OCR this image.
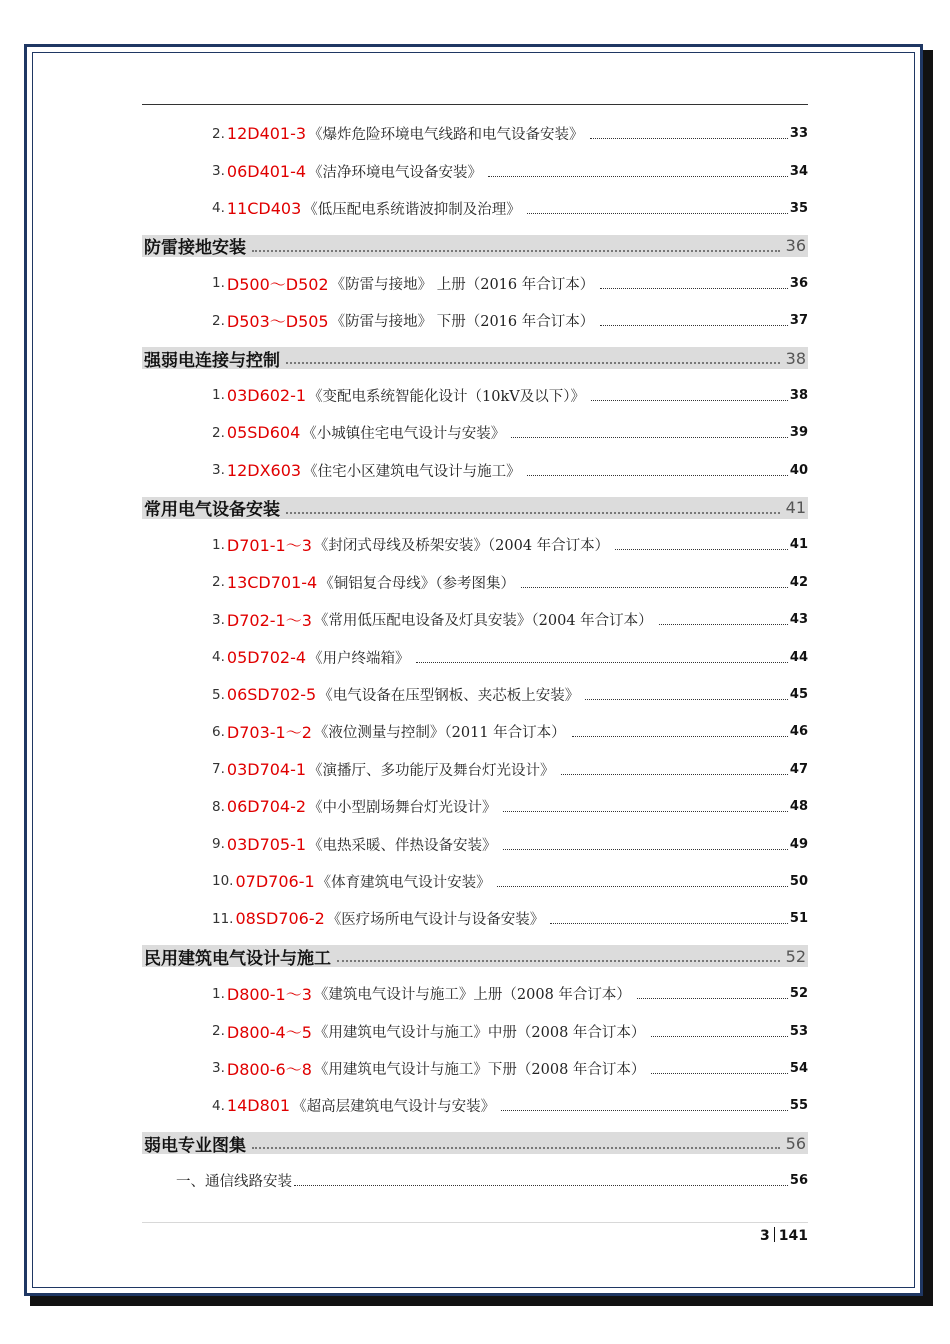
2. 12D401-3 《爆炸危险环境电气线路和电气设备安装》	33
3. 06D401-4 《洁净环境电气设备安装》	34
4. 11CD403 《低压配电系统谐波抑制及治理》	35
防雷接地安装	36
1. D500～D502 《防雷与接地》 上册（2016 年合订本）	36
2. D503～D505 《防雷与接地》 下册（2016 年合订本）	37
强弱电连接与控制	38
1. 03D602-1 《变配电系统智能化设计（10kV及以下）》	38
2. 05SD604 《小城镇住宅电气设计与安装》	39
3. 12DX603 《住宅小区建筑电气设计与施工》	40
常用电气设备安装	41
1. D701-1～3 《封闭式母线及桥架安装》（2004 年合订本）	41
2. 13CD701-4 《铜铝复合母线》（参考图集）	42
3. D702-1～3 《常用低压配电设备及灯具安装》（2004 年合订本）	43
4. 05D702-4 《用户终端箱》	44
5. 06SD702-5 《电气设备在压型钢板、夹芯板上安装》	45
6. D703-1～2 《液位测量与控制》（2011 年合订本）	46
7. 03D704-1 《演播厅、多功能厅及舞台灯光设计》	47
8. 06D704-2 《中小型剧场舞台灯光设计》	48
9. 03D705-1 《电热采暖、伴热设备安装》	49
10. 07D706-1 《体育建筑电气设计安装》	50
11. 08SD706-2 《医疗场所电气设计与设备安装》	51
民用建筑电气设计与施工	52
1. D800-1～3 《建筑电气设计与施工》上册（2008 年合订本）	52
2. D800-4～5 《用建筑电气设计与施工》中册（2008 年合订本）	53
3. D800-6～8 《用建筑电气设计与施工》下册（2008 年合订本）	54
4. 14D801 《超高层建筑电气设计与安装》	55
弱电专业图集	56
一、通信线路安装	56
3 141
